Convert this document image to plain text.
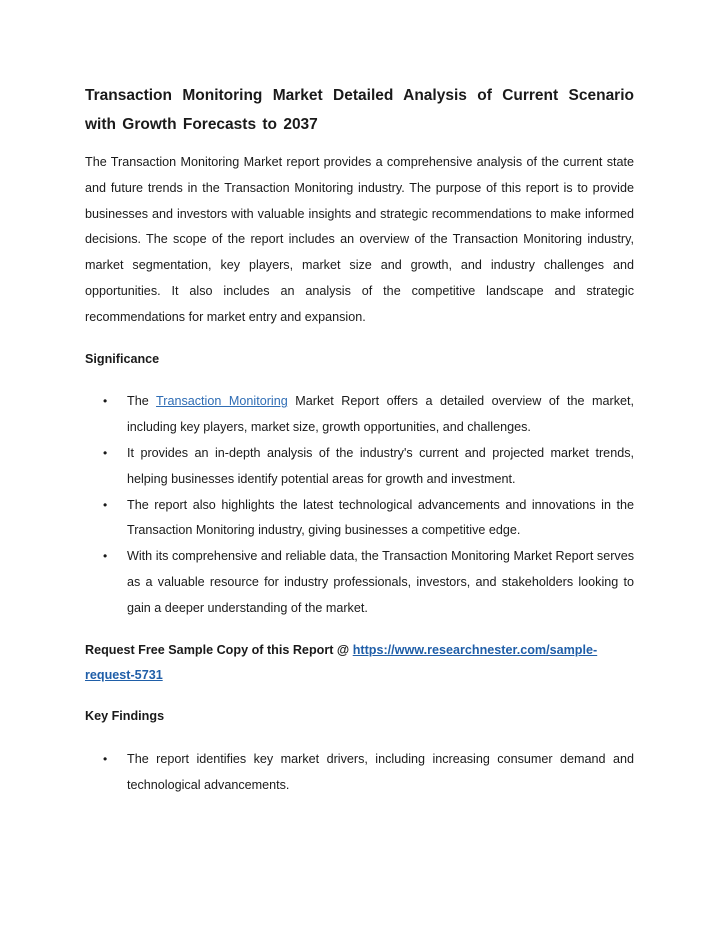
Transaction Monitoring Market Detailed Analysis of Current Scenario with Growth Forecasts to 2037

The Transaction Monitoring Market report provides a comprehensive analysis of the current state and future trends in the Transaction Monitoring industry. The purpose of this report is to provide businesses and investors with valuable insights and strategic recommendations to make informed decisions. The scope of the report includes an overview of the Transaction Monitoring industry, market segmentation, key players, market size and growth, and industry challenges and opportunities. It also includes an analysis of the competitive landscape and strategic recommendations for market entry and expansion.

Significance
• The Transaction Monitoring Market Report offers a detailed overview of the market, including key players, market size, growth opportunities, and challenges.
• It provides an in-depth analysis of the industry's current and projected market trends, helping businesses identify potential areas for growth and investment.
• The report also highlights the latest technological advancements and innovations in the Transaction Monitoring industry, giving businesses a competitive edge.
• With its comprehensive and reliable data, the Transaction Monitoring Market Report serves as a valuable resource for industry professionals, investors, and stakeholders looking to gain a deeper understanding of the market.

Request Free Sample Copy of this Report @ https://www.researchnester.com/sample-request-5731

Key Findings
• The report identifies key market drivers, including increasing consumer demand and technological advancements.
